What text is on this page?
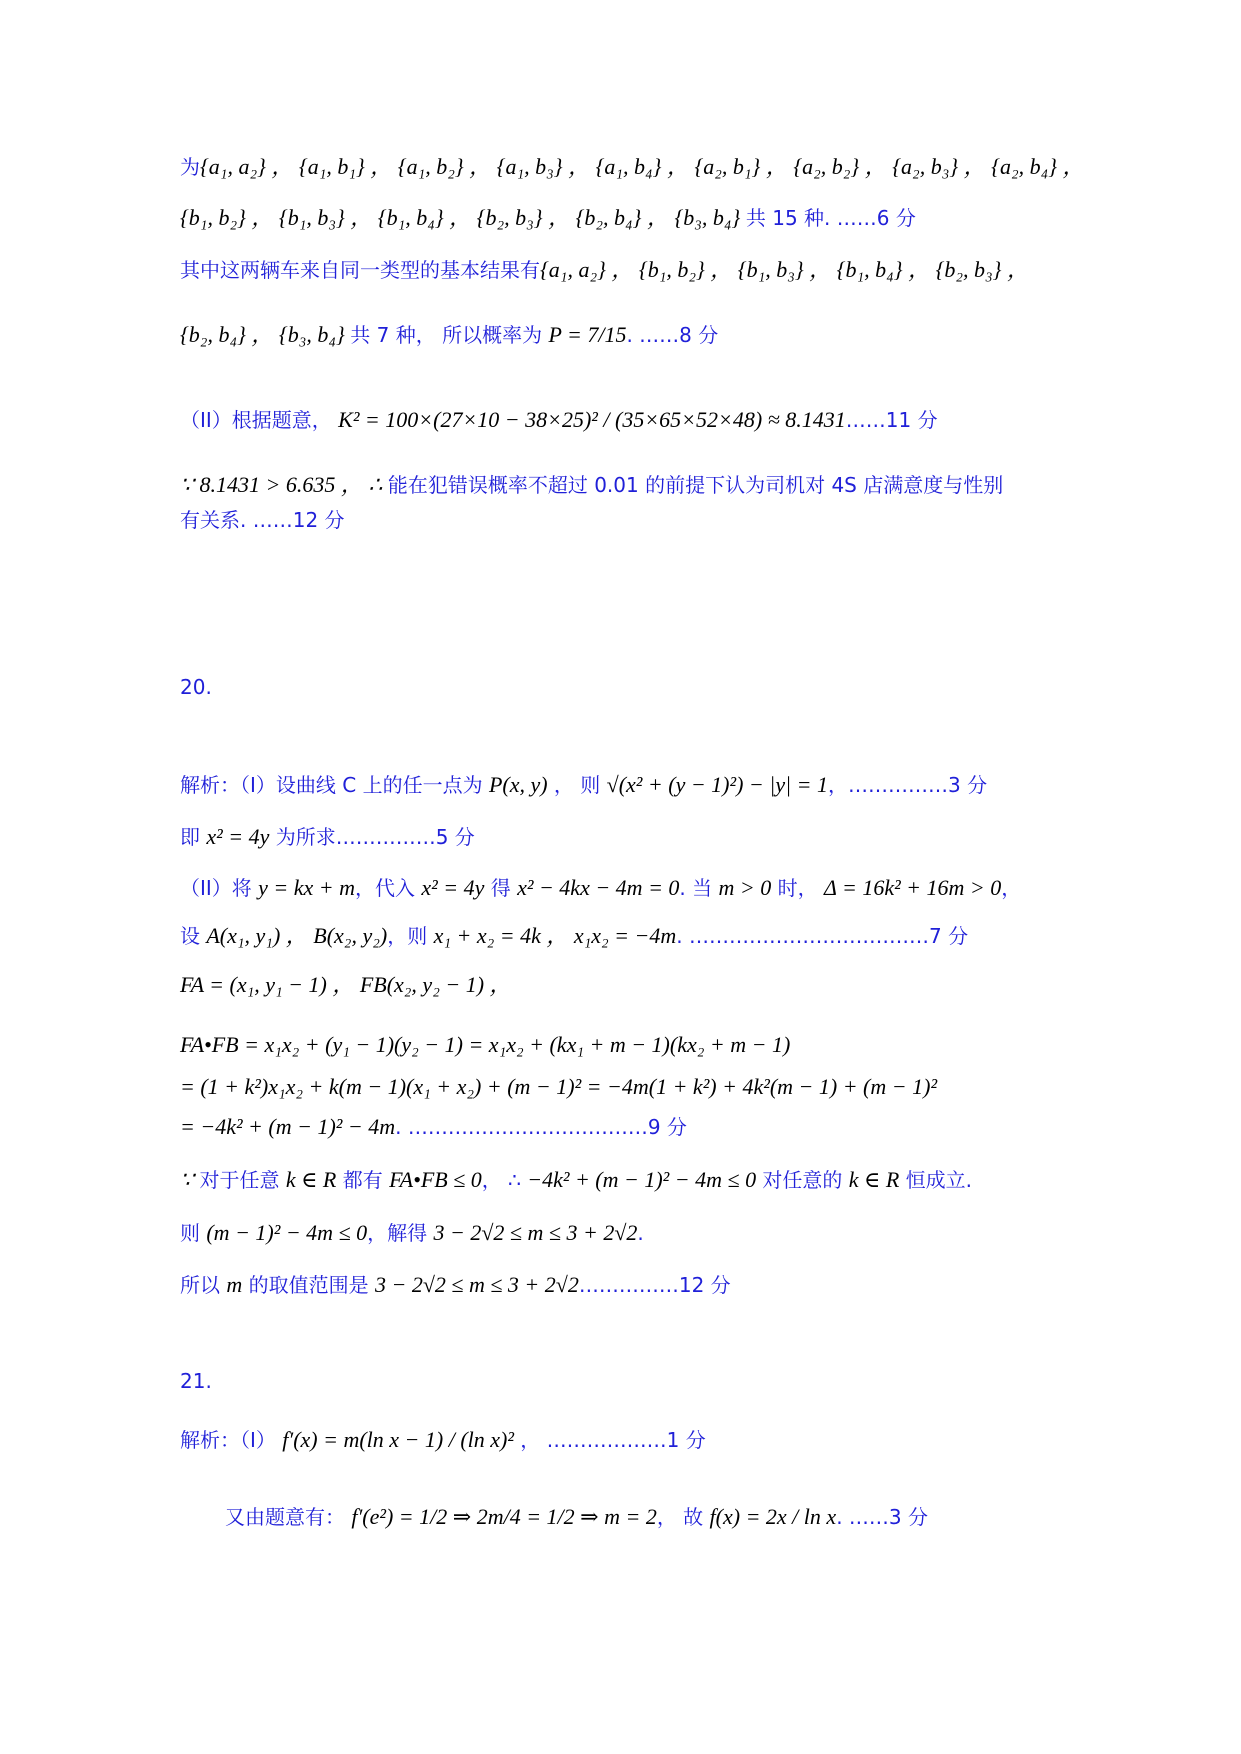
为{a₁, a₂} ， {a₁, b₁} ， {a₁, b₂} ， {a₁, b₃} ， {a₁, b₄} ， {a₂, b₁} ， {a₂, b₂} ， {a₂, b₃} ， {a₂, b₄} ，
{b₁, b₂} ， {b₁, b₃} ， {b₁, b₄} ， {b₂, b₃} ， {b₂, b₄} ， {b₃, b₄} 共 15 种. ……6 分
其中这两辆车来自同一类型的基本结果有{a₁, a₂} ， {b₁, b₂} ， {b₁, b₃} ， {b₁, b₄} ， {b₂, b₃} ，
{b₂, b₄} ， {b₃, b₄} 共 7 种， 所以概率为 P = 7/15. ……8 分
（II）根据题意， K² = 100×(27×10 − 38×25)² / (35×65×52×48) ≈ 8.1431……11 分
∵ 8.1431 > 6.635 ， ∴ 能在犯错误概率不超过 0.01 的前提下认为司机对 4S 店满意度与性别
有关系. ……12 分
20.
解析：（I）设曲线 C 上的任一点为 P(x, y) ， 则 √(x² + (y − 1)²) − |y| = 1，……………3 分
即 x² = 4y 为所求……………5 分
（II）将 y = kx + m，代入 x² = 4y 得 x² − 4kx − 4m = 0. 当 m > 0 时， Δ = 16k² + 16m > 0，
设 A(x₁, y₁) ， B(x₂, y₂)，则 x₁ + x₂ = 4k ， x₁x₂ = −4m. ………………………………7 分
FA = (x₁, y₁ − 1) ， FB(x₂, y₂ − 1) ，
FA•FB = x₁x₂ + (y₁ − 1)(y₂ − 1) = x₁x₂ + (kx₁ + m − 1)(kx₂ + m − 1)
= (1 + k²)x₁x₂ + k(m − 1)(x₁ + x₂) + (m − 1)² = −4m(1 + k²) + 4k²(m − 1) + (m − 1)²
= −4k² + (m − 1)² − 4m. ………………………………9 分
∵ 对于任意 k ∈ R 都有 FA•FB ≤ 0， ∴ −4k² + (m − 1)² − 4m ≤ 0 对任意的 k ∈ R 恒成立.
则 (m − 1)² − 4m ≤ 0，解得 3 − 2√2 ≤ m ≤ 3 + 2√2.
所以 m 的取值范围是 3 − 2√2 ≤ m ≤ 3 + 2√2……………12 分
21.
解析：（Ⅰ） f′(x) = m(ln x − 1) / (ln x)² ， ………………1 分
又由题意有： f′(e²) = 1/2 ⇒ 2m/4 = 1/2 ⇒ m = 2， 故 f(x) = 2x / ln x. ……3 分
